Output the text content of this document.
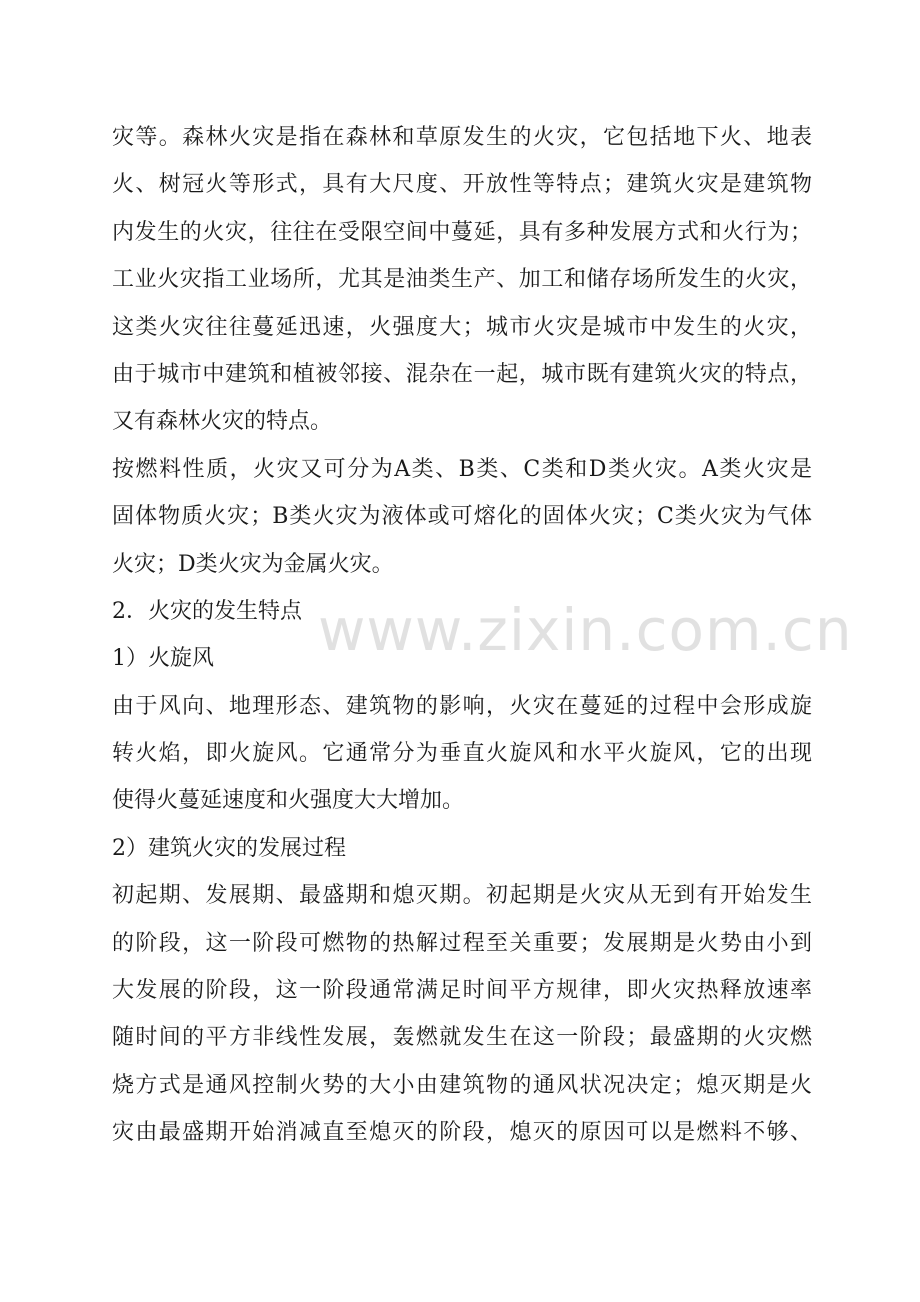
灾等。森林火灾是指在森林和草原发生的火灾，它包括地下火、地表
火、树冠火等形式，具有大尺度、开放性等特点；建筑火灾是建筑物
内发生的火灾，往往在受限空间中蔓延，具有多种发展方式和火行为；
工业火灾指工业场所，尤其是油类生产、加工和储存场所发生的火灾，
这类火灾往往蔓延迅速，火强度大；城市火灾是城市中发生的火灾，
由于城市中建筑和植被邻接、混杂在一起，城市既有建筑火灾的特点，
又有森林火灾的特点。
按燃料性质，火灾又可分为A类、B类、C类和D类火灾。A类火灾是
固体物质火灾；B类火灾为液体或可熔化的固体火灾；C类火灾为气体
火灾；D类火灾为金属火灾。
2．火灾的发生特点
1）火旋风
由于风向、地理形态、建筑物的影响，火灾在蔓延的过程中会形成旋
转火焰，即火旋风。它通常分为垂直火旋风和水平火旋风，它的出现
使得火蔓延速度和火强度大大增加。
2）建筑火灾的发展过程
初起期、发展期、最盛期和熄灭期。初起期是火灾从无到有开始发生
的阶段，这一阶段可燃物的热解过程至关重要；发展期是火势由小到
大发展的阶段，这一阶段通常满足时间平方规律，即火灾热释放速率
随时间的平方非线性发展，轰燃就发生在这一阶段；最盛期的火灾燃
烧方式是通风控制火势的大小由建筑物的通风状况决定；熄灭期是火
灾由最盛期开始消减直至熄灭的阶段，熄灭的原因可以是燃料不够、
www.zixin.com.cn
